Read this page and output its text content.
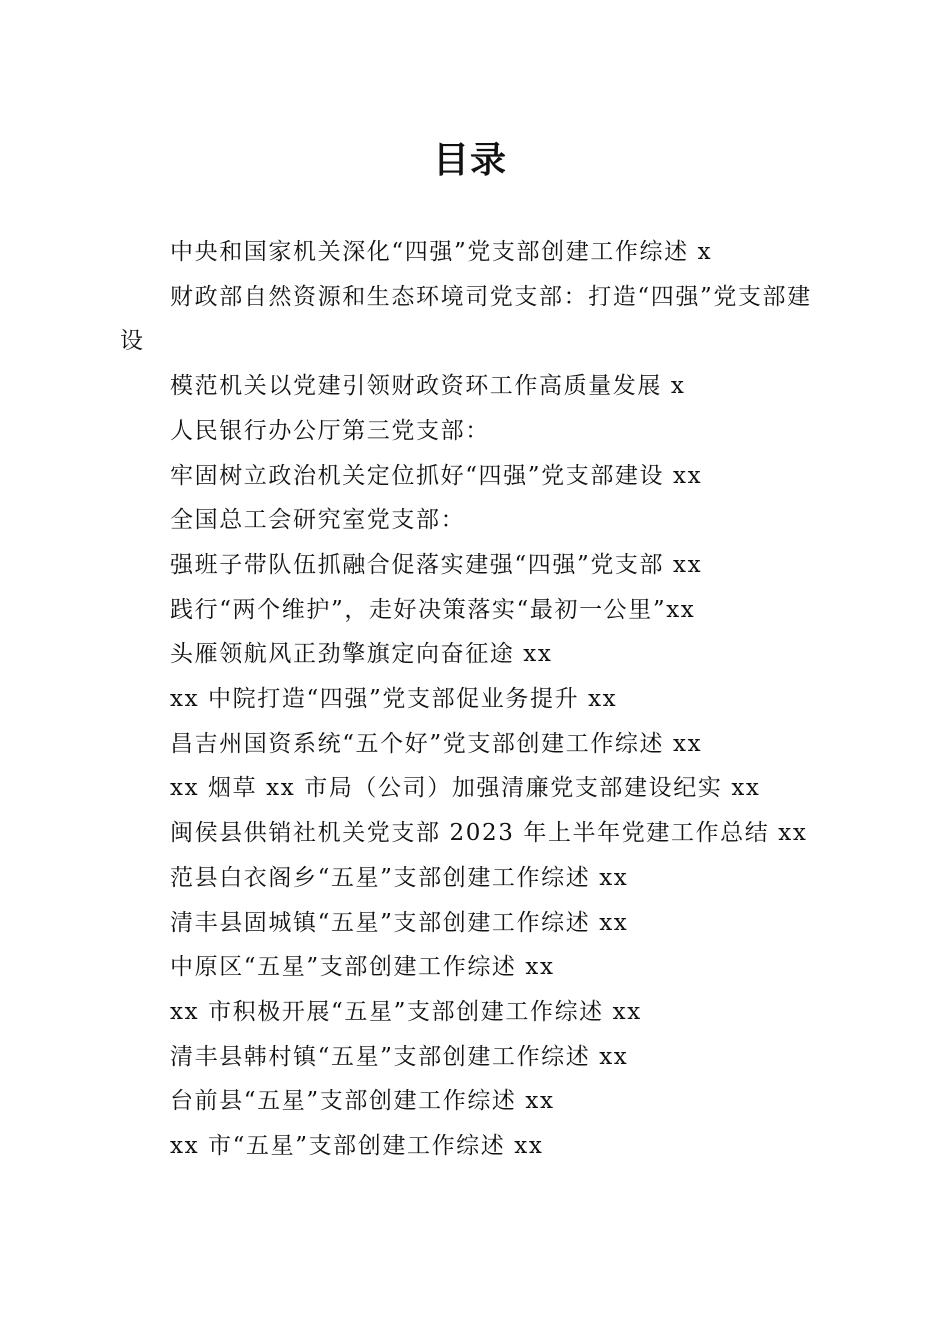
目录
中央和国家机关深化“四强”党支部创建工作综述 x
财政部自然资源和生态环境司党支部：打造“四强”党支部建设
模范机关以党建引领财政资环工作高质量发展 x
人民银行办公厅第三党支部：
牢固树立政治机关定位抓好“四强”党支部建设 xx
全国总工会研究室党支部：
强班子带队伍抓融合促落实建强“四强”党支部 xx
践行“两个维护”，走好决策落实“最初一公里”xx
头雁领航风正劲擎旗定向奋征途 xx
xx 中院打造“四强”党支部促业务提升 xx
昌吉州国资系统“五个好”党支部创建工作综述 xx
xx 烟草 xx 市局（公司）加强清廉党支部建设纪实 xx
闽侯县供销社机关党支部 2023 年上半年党建工作总结 xx
范县白衣阁乡“五星”支部创建工作综述 xx
清丰县固城镇“五星”支部创建工作综述 xx
中原区“五星”支部创建工作综述 xx
xx 市积极开展“五星”支部创建工作综述 xx
清丰县韩村镇“五星”支部创建工作综述 xx
台前县“五星”支部创建工作综述 xx
xx 市“五星”支部创建工作综述 xx
